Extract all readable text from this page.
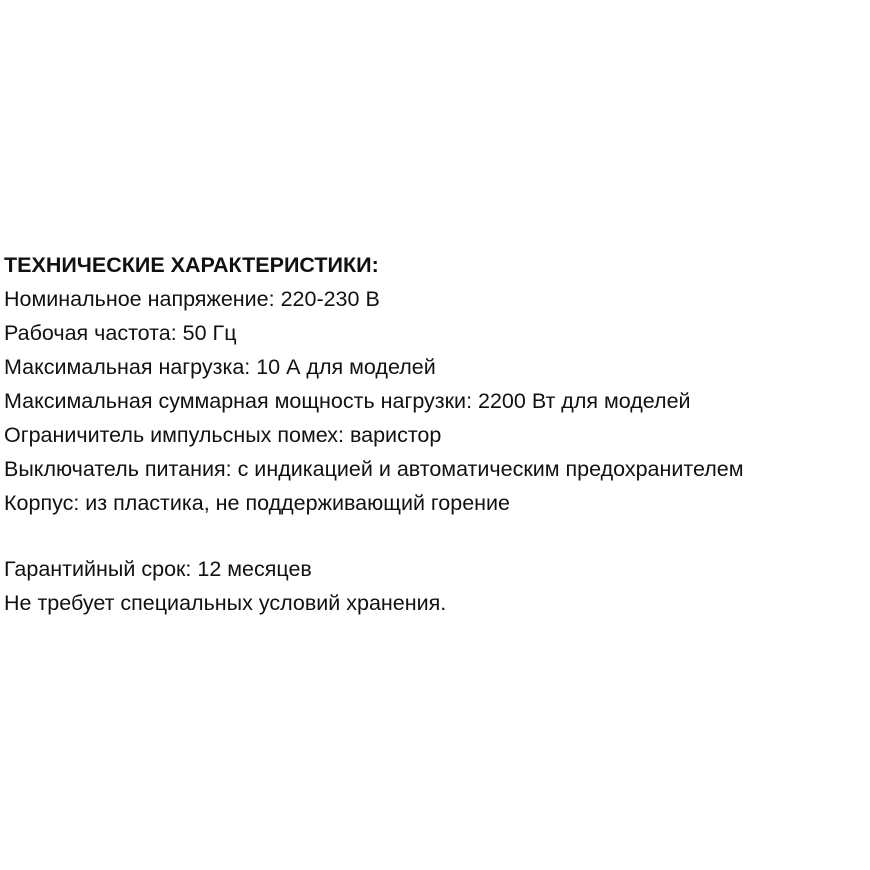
ТЕХНИЧЕСКИЕ ХАРАКТЕРИСТИКИ:
Номинальное напряжение: 220-230 В
Рабочая частота: 50 Гц
Максимальная нагрузка: 10 А для моделей
Максимальная суммарная мощность нагрузки: 2200 Вт для моделей
Ограничитель импульсных помех: варистор
Выключатель питания: с индикацией и автоматическим предохранителем
Корпус: из пластика, не поддерживающий горение
Гарантийный срок: 12 месяцев
Не требует специальных условий хранения.
